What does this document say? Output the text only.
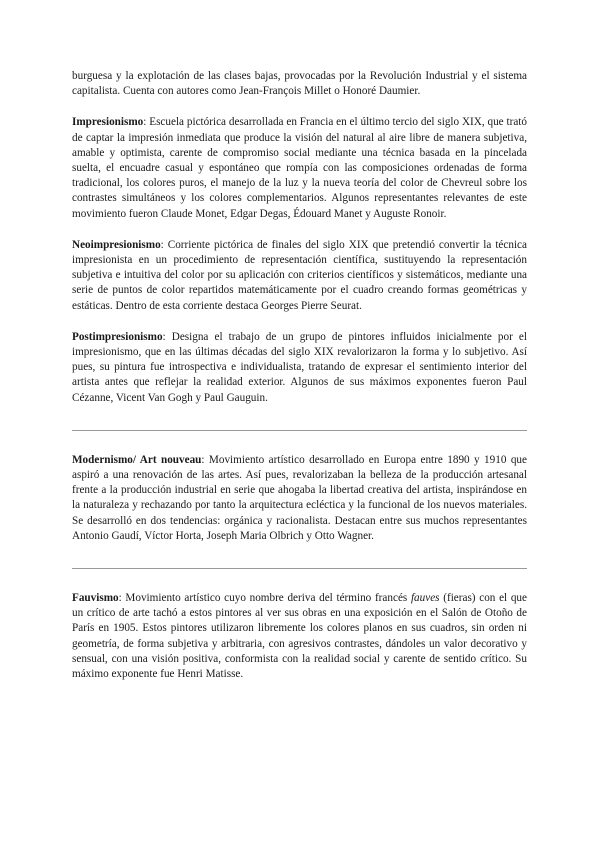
burguesa y la explotación de las clases bajas, provocadas por la Revolución Industrial y el sistema capitalista. Cuenta con autores como Jean-François Millet o Honoré Daumier.

Impresionismo: Escuela pictórica desarrollada en Francia en el último tercio del siglo XIX, que trató de captar la impresión inmediata que produce la visión del natural al aire libre de manera subjetiva, amable y optimista, carente de compromiso social mediante una técnica basada en la pincelada suelta, el encuadre casual y espontáneo que rompía con las composiciones ordenadas de forma tradicional, los colores puros, el manejo de la luz y la nueva teoría del color de Chevreul sobre los contrastes simultáneos y los colores complementarios. Algunos representantes relevantes de este movimiento fueron Claude Monet, Edgar Degas, Édouard Manet y Auguste Ronoir.

Neoimpresionismo: Corriente pictórica de finales del siglo XIX que pretendió convertir la técnica impresionista en un procedimiento de representación científica, sustituyendo la representación subjetiva e intuitiva del color por su aplicación con criterios científicos y sistemáticos, mediante una serie de puntos de color repartidos matemáticamente por el cuadro creando formas geométricas y estáticas. Dentro de esta corriente destaca Georges Pierre Seurat.

Postimpresionismo: Designa el trabajo de un grupo de pintores influidos inicialmente por el impresionismo, que en las últimas décadas del siglo XIX revalorizaron la forma y lo subjetivo. Así pues, su pintura fue introspectiva e individualista, tratando de expresar el sentimiento interior del artista antes que reflejar la realidad exterior. Algunos de sus máximos exponentes fueron Paul Cézanne, Vicent Van Gogh y Paul Gauguin.

Modernismo/ Art nouveau: Movimiento artístico desarrollado en Europa entre 1890 y 1910 que aspiró a una renovación de las artes. Así pues, revalorizaban la belleza de la producción artesanal frente a la producción industrial en serie que ahogaba la libertad creativa del artista, inspirándose en la naturaleza y rechazando por tanto la arquitectura ecléctica y la funcional de los nuevos materiales. Se desarrolló en dos tendencias: orgánica y racionalista. Destacan entre sus muchos representantes Antonio Gaudí, Víctor Horta, Joseph Maria Olbrich y Otto Wagner.

Fauvismo: Movimiento artístico cuyo nombre deriva del término francés fauves (fieras) con el que un crítico de arte tachó a estos pintores al ver sus obras en una exposición en el Salón de Otoño de París en 1905. Estos pintores utilizaron libremente los colores planos en sus cuadros, sin orden ni geometría, de forma subjetiva y arbitraria, con agresivos contrastes, dándoles un valor decorativo y sensual, con una visión positiva, conformista con la realidad social y carente de sentido crítico. Su máximo exponente fue Henri Matisse.
